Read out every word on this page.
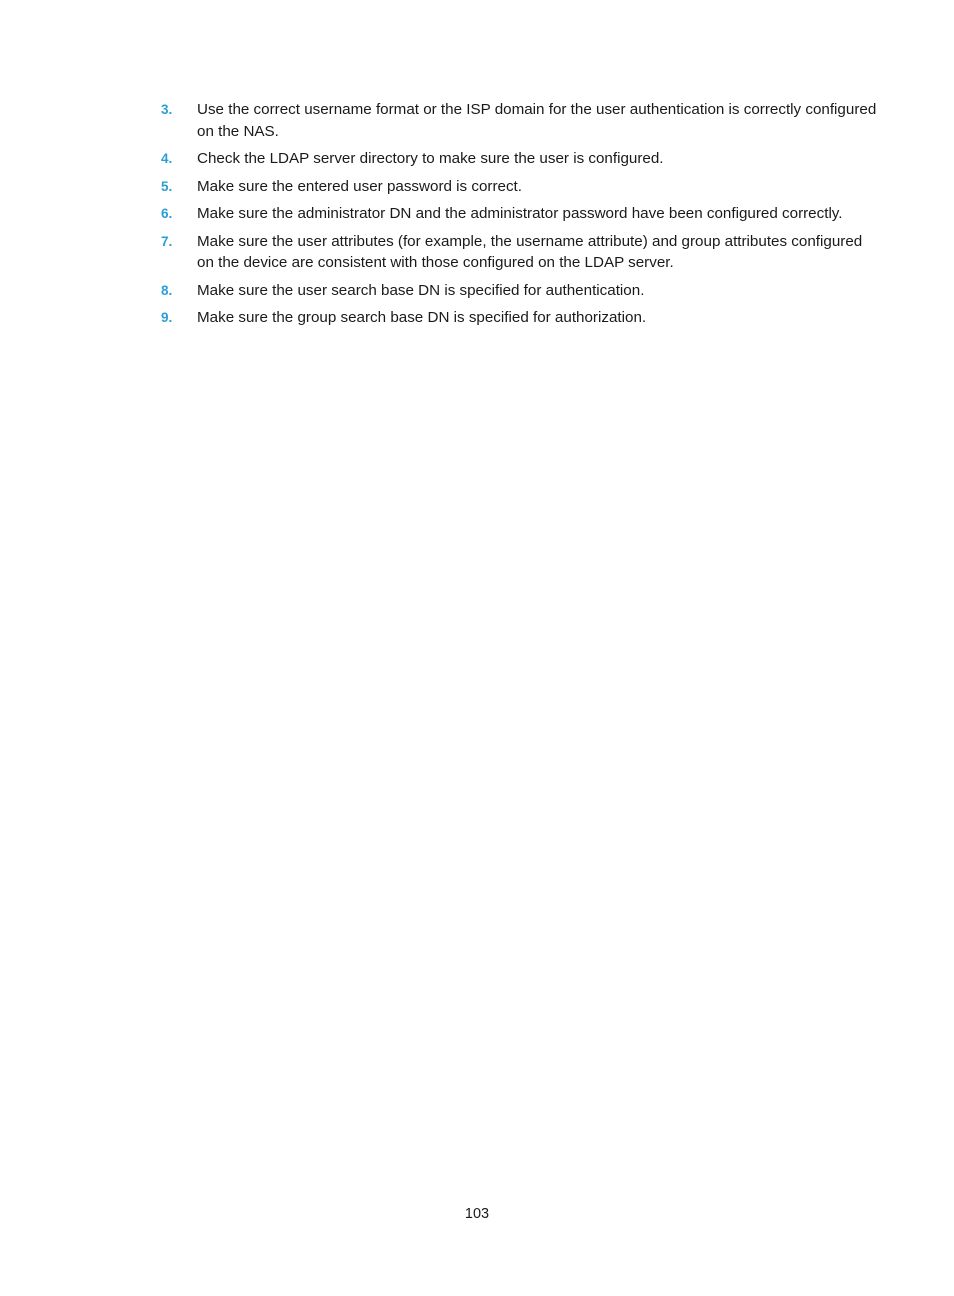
3. Use the correct username format or the ISP domain for the user authentication is correctly configured on the NAS.
4. Check the LDAP server directory to make sure the user is configured.
5. Make sure the entered user password is correct.
6. Make sure the administrator DN and the administrator password have been configured correctly.
7. Make sure the user attributes (for example, the username attribute) and group attributes configured on the device are consistent with those configured on the LDAP server.
8. Make sure the user search base DN is specified for authentication.
9. Make sure the group search base DN is specified for authorization.
103
